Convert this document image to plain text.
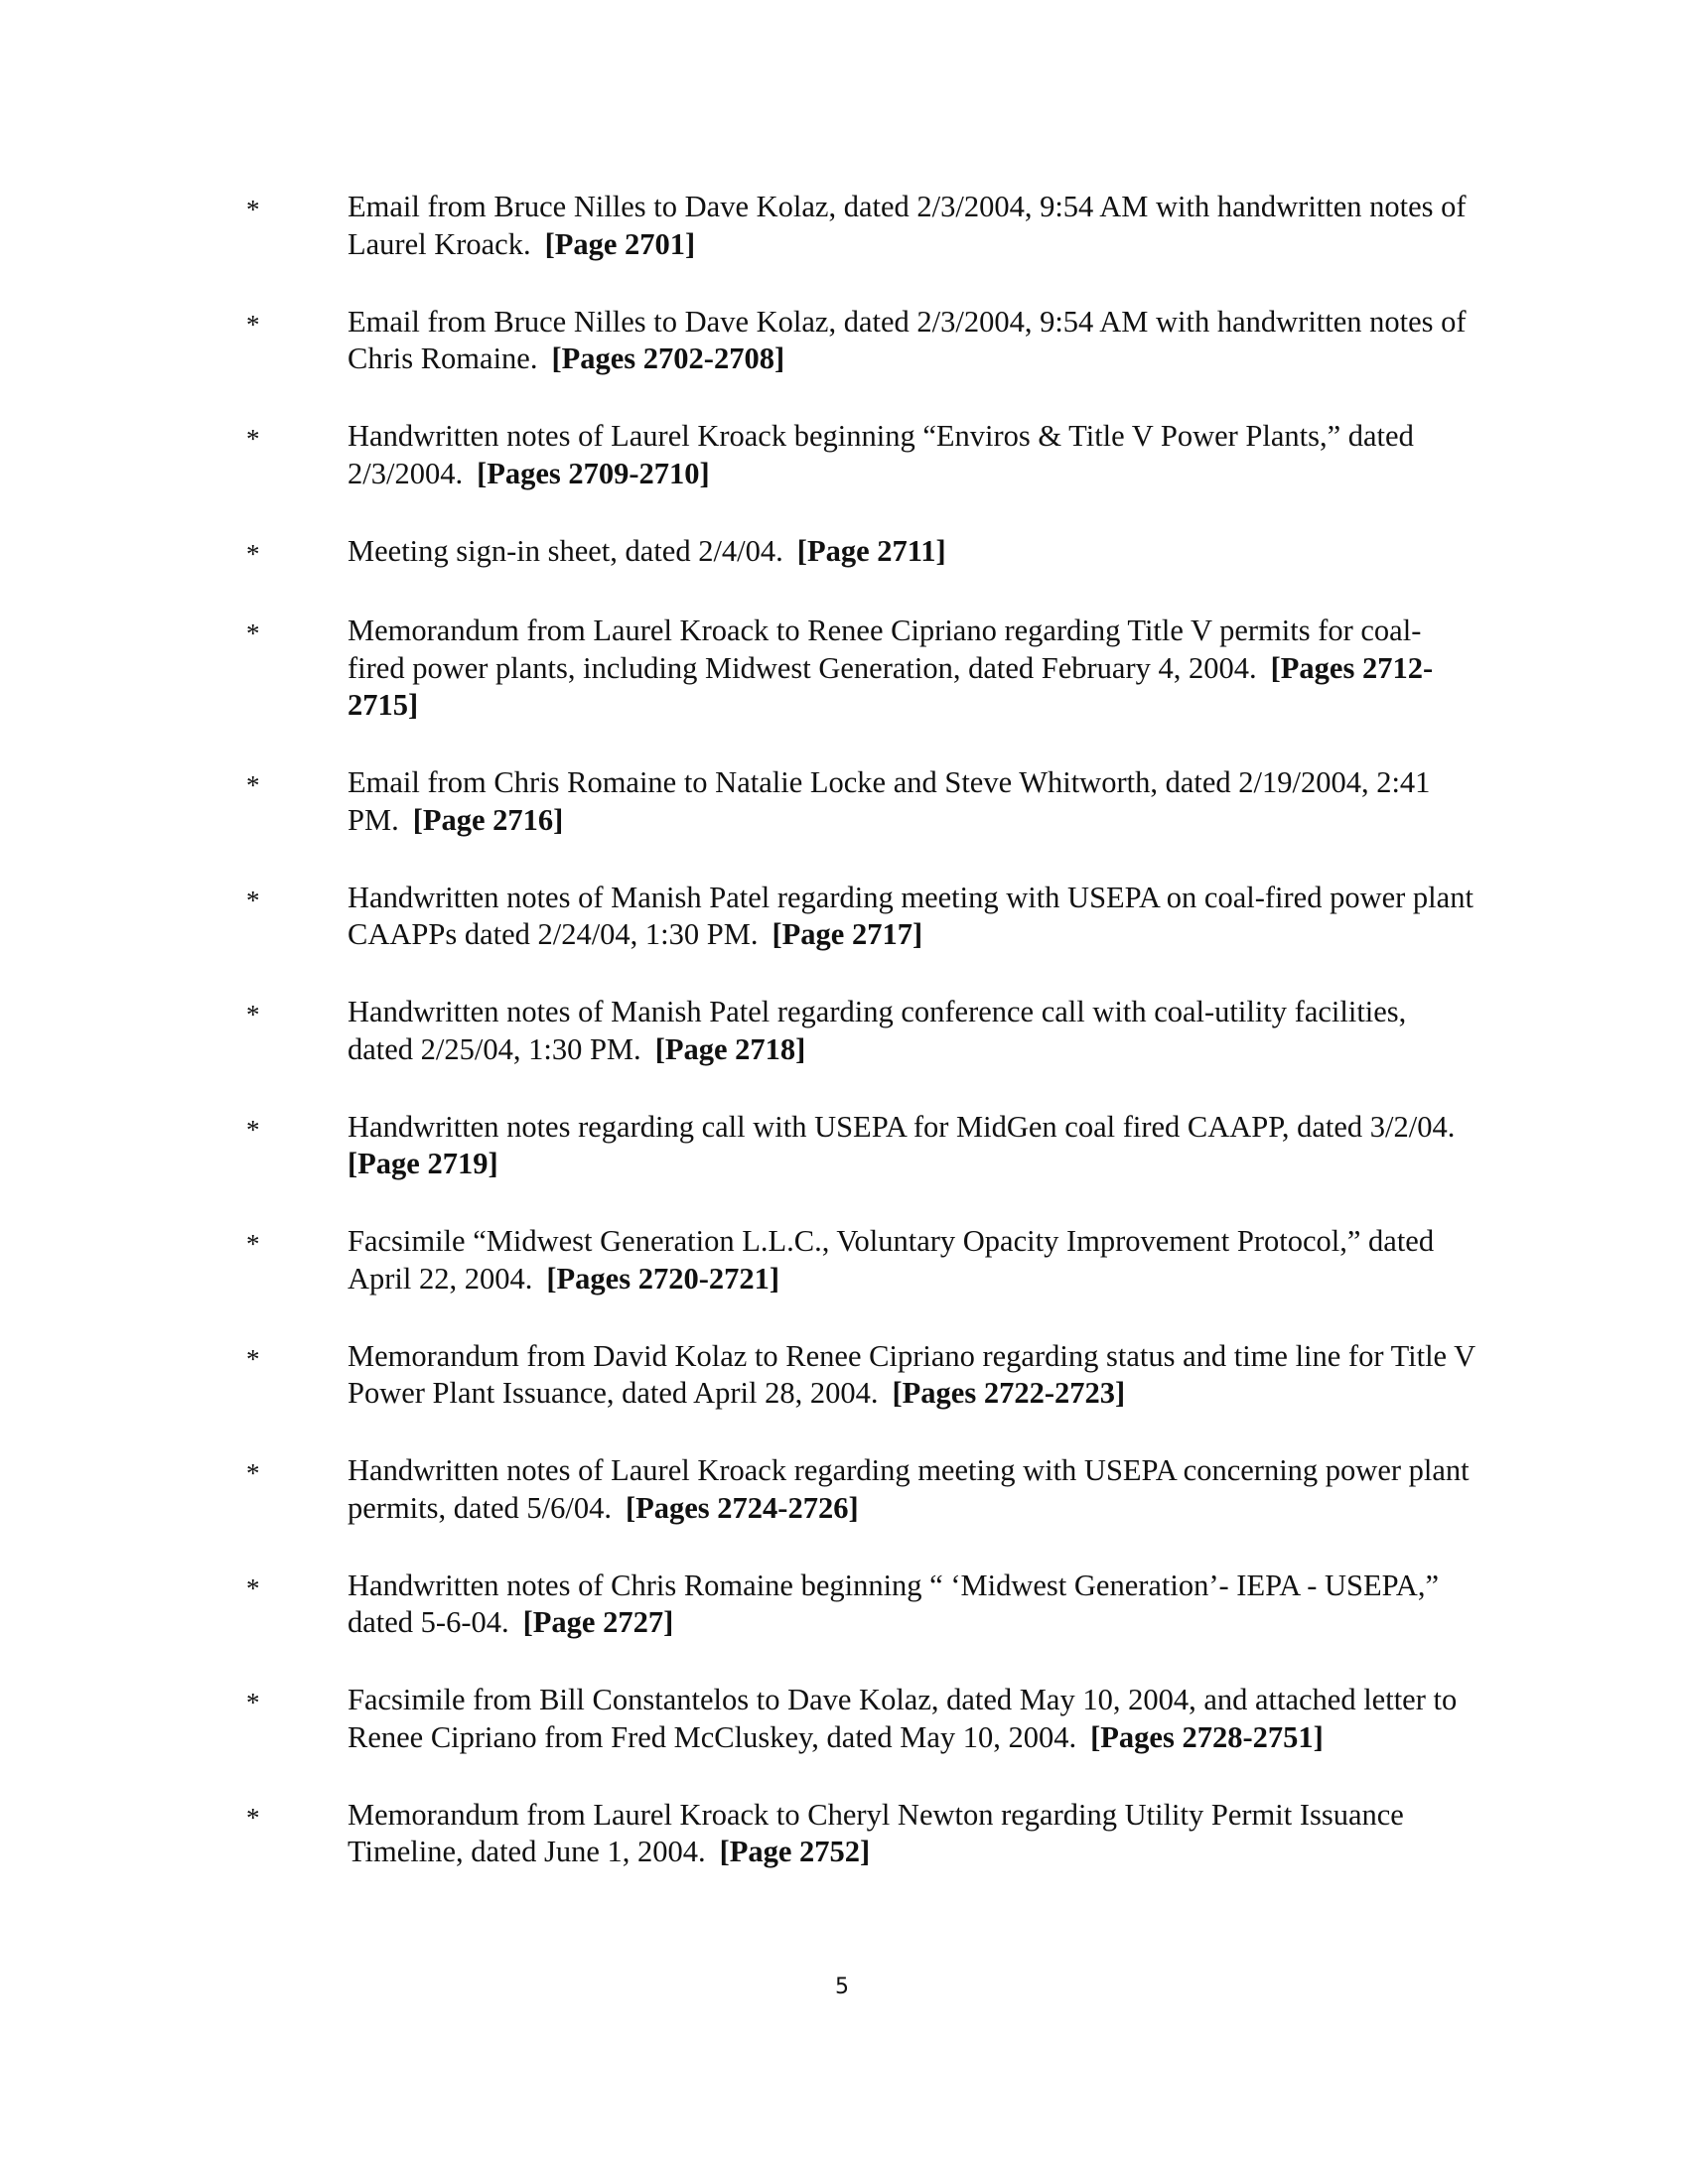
*	Email from Bruce Nilles to Dave Kolaz, dated 2/3/2004, 9:54 AM with handwritten notes of Laurel Kroack. [Page 2701]
*	Email from Bruce Nilles to Dave Kolaz, dated 2/3/2004, 9:54 AM with handwritten notes of Chris Romaine. [Pages 2702-2708]
*	Handwritten notes of Laurel Kroack beginning “Enviros & Title V Power Plants,” dated 2/3/2004. [Pages 2709-2710]
*	Meeting sign-in sheet, dated 2/4/04. [Page 2711]
*	Memorandum from Laurel Kroack to Renee Cipriano regarding Title V permits for coal-fired power plants, including Midwest Generation, dated February 4, 2004. [Pages 2712-2715]
*	Email from Chris Romaine to Natalie Locke and Steve Whitworth, dated 2/19/2004, 2:41 PM. [Page 2716]
*	Handwritten notes of Manish Patel regarding meeting with USEPA on coal-fired power plant CAAPPs dated 2/24/04, 1:30 PM. [Page 2717]
*	Handwritten notes of Manish Patel regarding conference call with coal-utility facilities, dated 2/25/04, 1:30 PM. [Page 2718]
*	Handwritten notes regarding call with USEPA for MidGen coal fired CAAPP, dated 3/2/04.[Page 2719]
*	Facsimile “Midwest Generation L.L.C., Voluntary Opacity Improvement Protocol,” dated April 22, 2004. [Pages 2720-2721]
*	Memorandum from David Kolaz to Renee Cipriano regarding status and time line for Title V Power Plant Issuance, dated April 28, 2004. [Pages 2722-2723]
*	Handwritten notes of Laurel Kroack regarding meeting with USEPA concerning power plant permits, dated 5/6/04. [Pages 2724-2726]
*	Handwritten notes of Chris Romaine beginning “ ‘Midwest Generation’- IEPA - USEPA,” dated 5-6-04. [Page 2727]
*	Facsimile from Bill Constantelos to Dave Kolaz, dated May 10, 2004, and attached letter to Renee Cipriano from Fred McCluskey, dated May 10, 2004. [Pages 2728-2751]
*	Memorandum from Laurel Kroack to Cheryl Newton regarding Utility Permit Issuance Timeline, dated June 1, 2004. [Page 2752]
5
